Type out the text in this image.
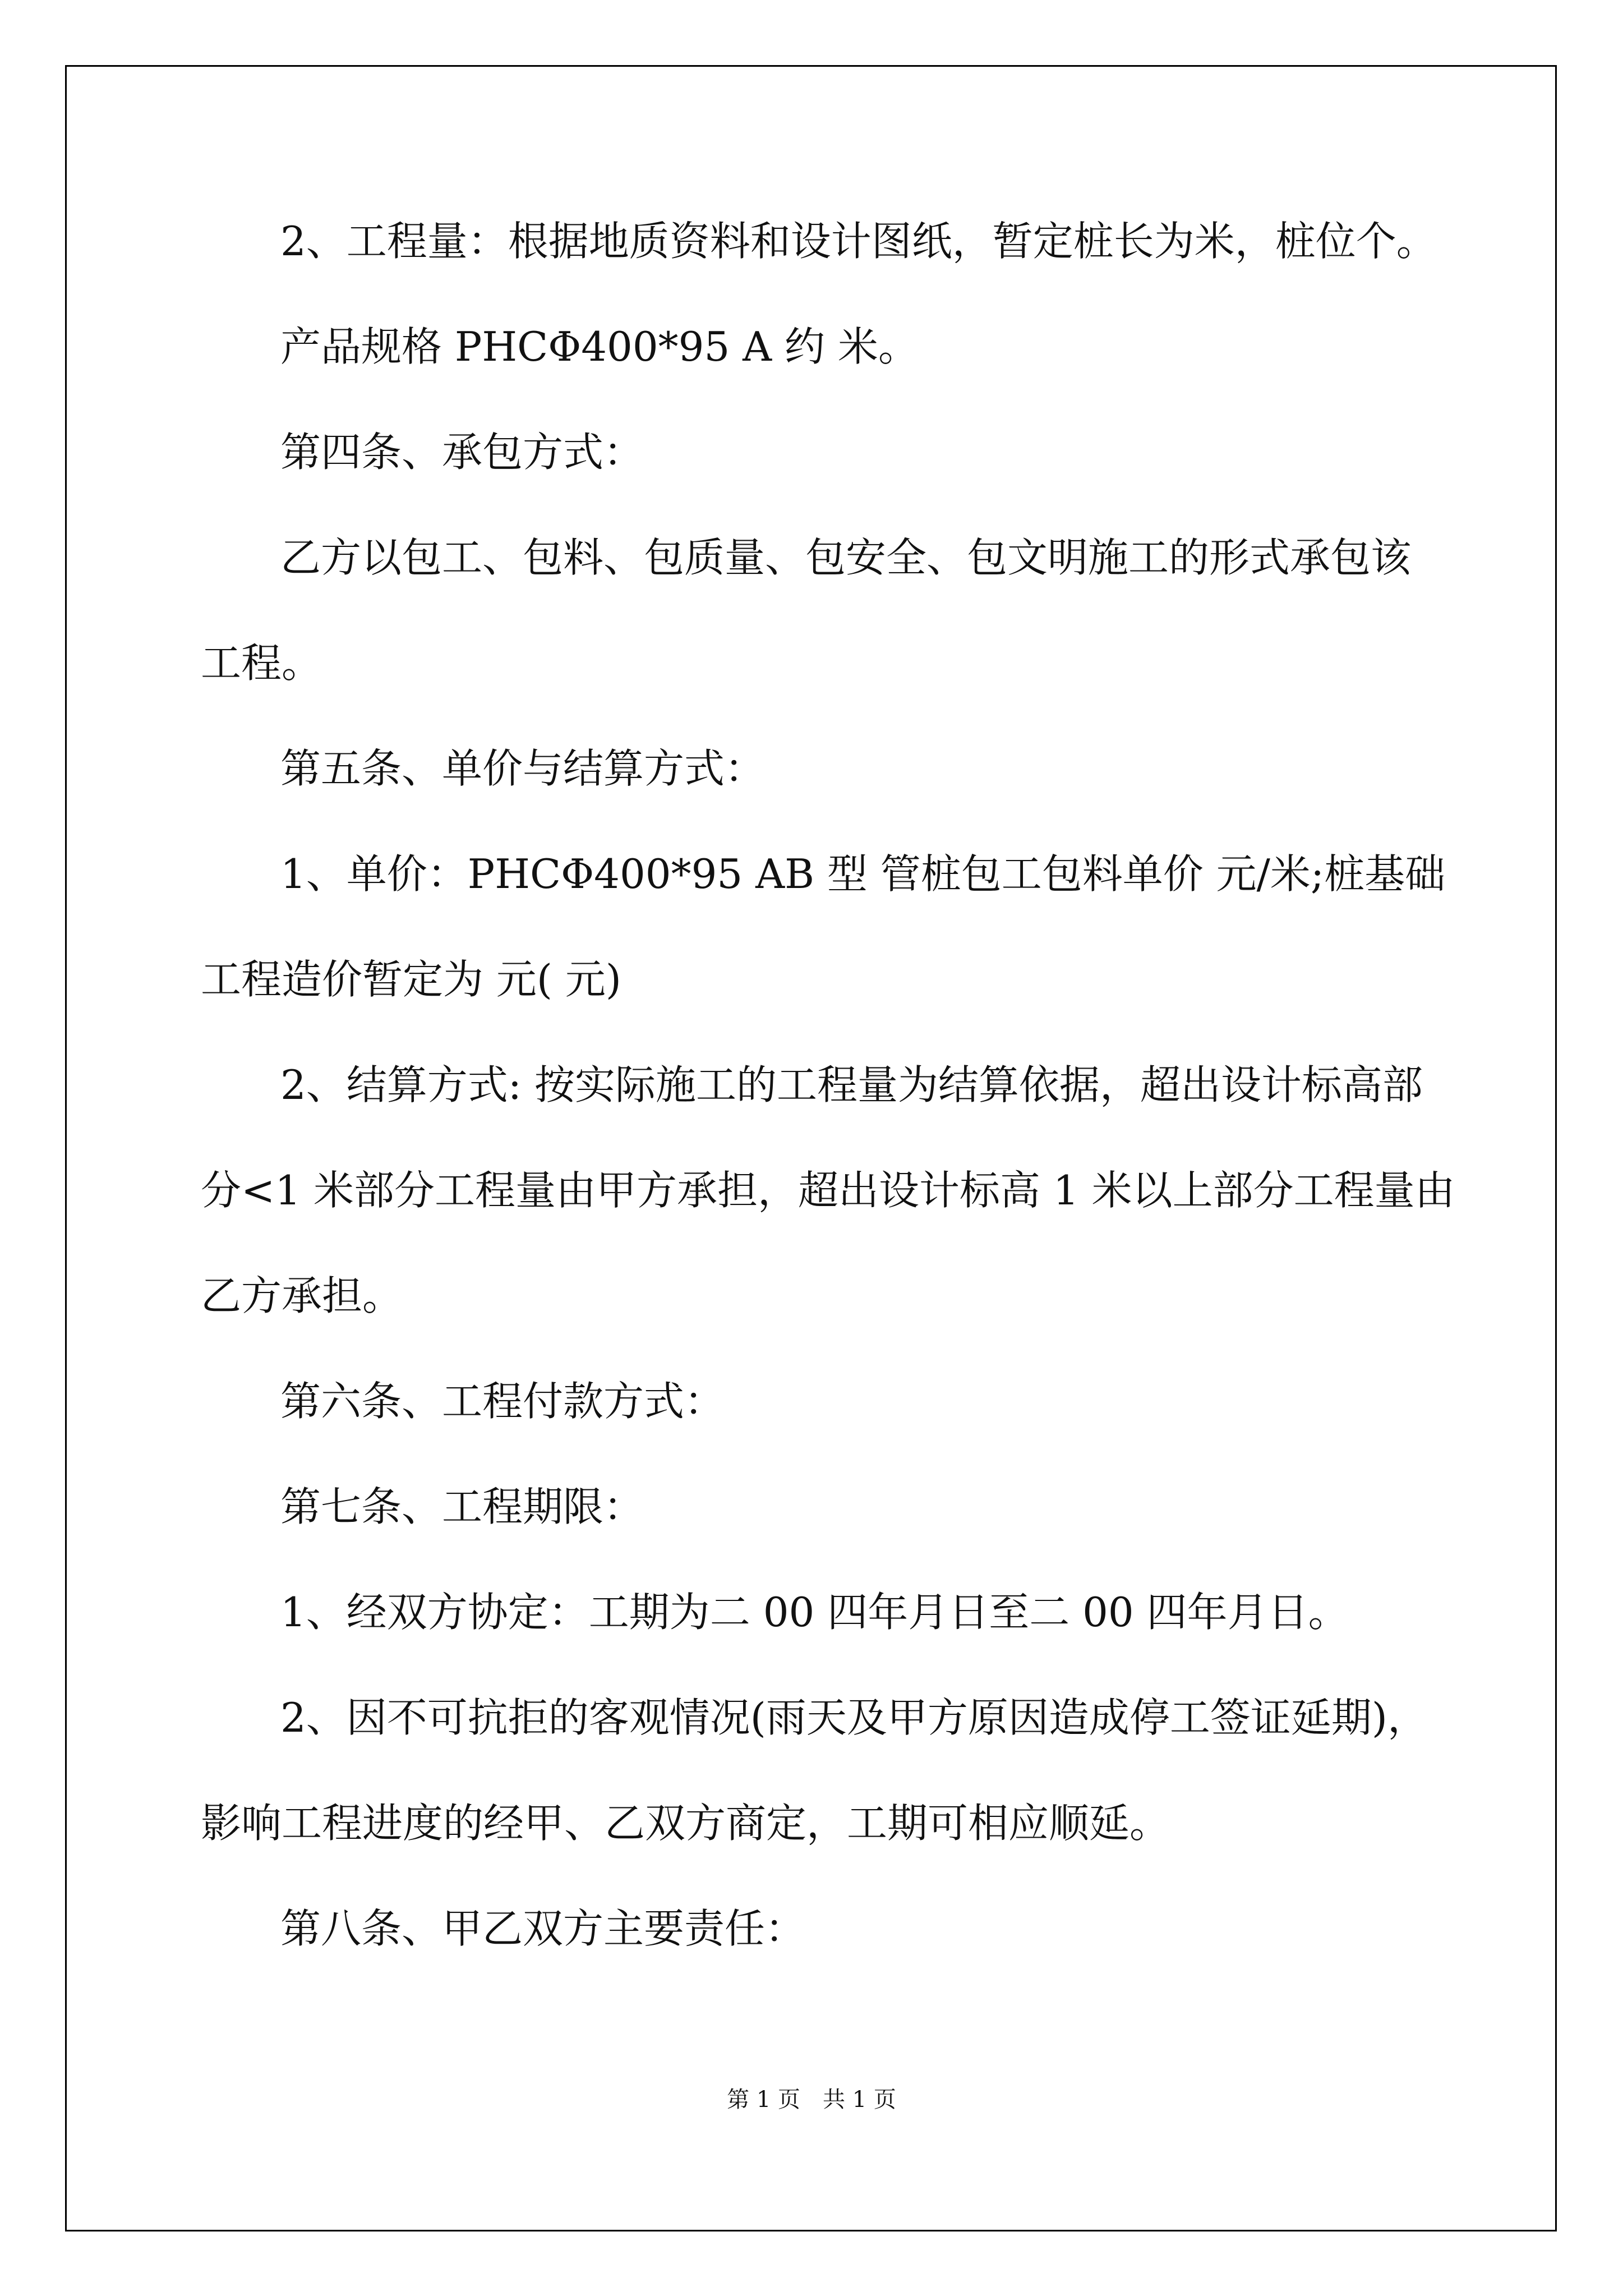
2、工程量：根据地质资料和设计图纸，暂定桩长为米，桩位个。
产品规格 PHCΦ400*95 A 约 米。
第四条、承包方式：
乙方以包工、包料、包质量、包安全、包文明施工的形式承包该
工程。
第五条、单价与结算方式：
1、单价：PHCΦ400*95 AB 型 管桩包工包料单价 元/米;桩基础
工程造价暂定为 元( 元)
2、结算方式: 按实际施工的工程量为结算依据，超出设计标高部
分<1 米部分工程量由甲方承担，超出设计标高 1 米以上部分工程量由
乙方承担。
第六条、工程付款方式：
第七条、工程期限：
1、经双方协定：工期为二 00 四年月日至二 00 四年月日。
2、因不可抗拒的客观情况(雨天及甲方原因造成停工签证延期)，
影响工程进度的经甲、乙双方商定，工期可相应顺延。
第八条、甲乙双方主要责任：
第 1 页　共 1 页
